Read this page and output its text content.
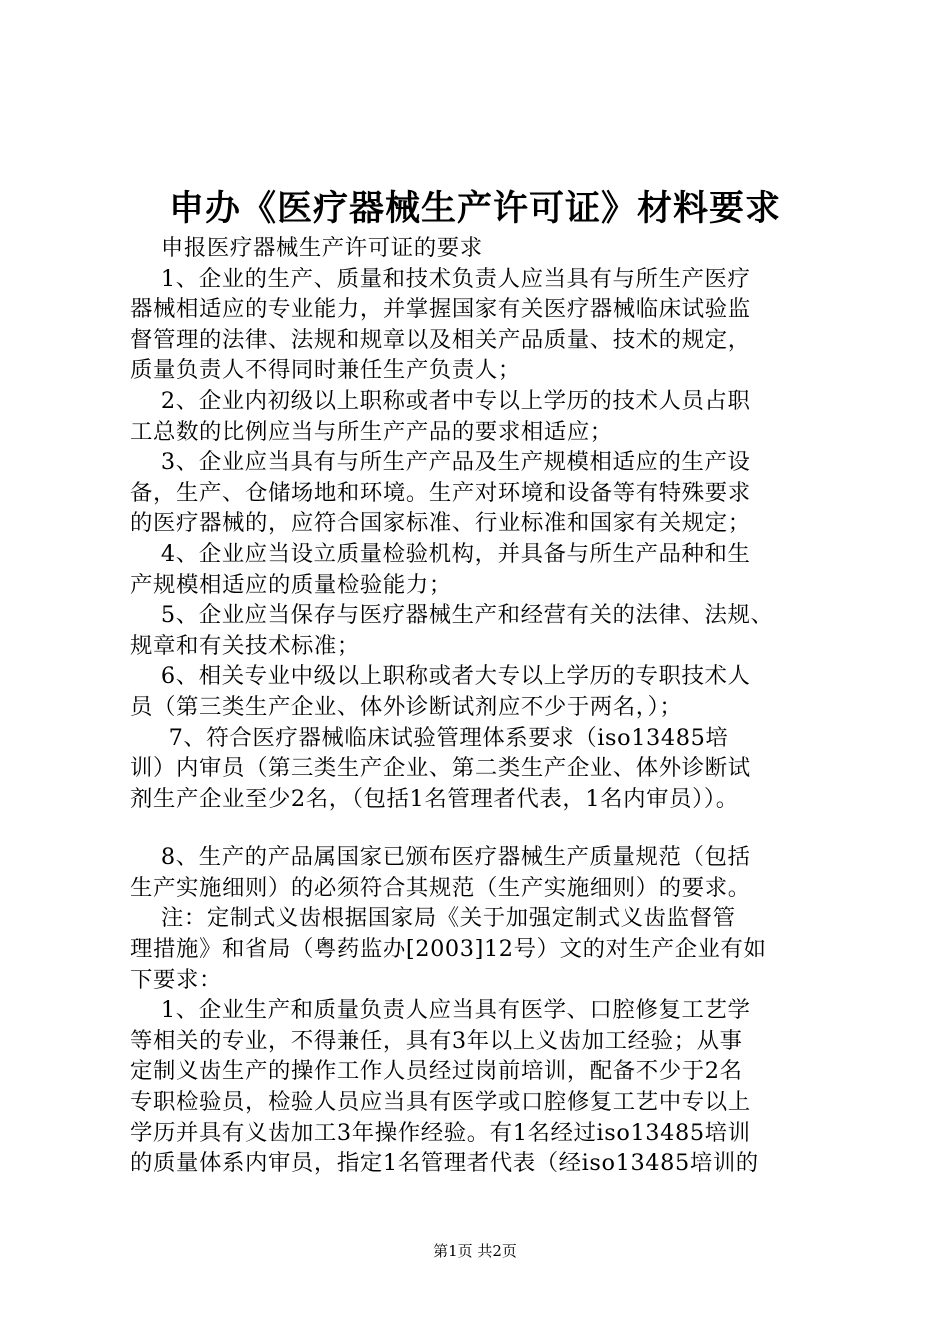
申办《医疗器械生产许可证》材料要求
申报医疗器械生产许可证的要求
1、企业的生产、质量和技术负责人应当具有与所生产医疗
器械相适应的专业能力，并掌握国家有关医疗器械临床试验监
督管理的法律、法规和规章以及相关产品质量、技术的规定，
质量负责人不得同时兼任生产负责人；
2、企业内初级以上职称或者中专以上学历的技术人员占职
工总数的比例应当与所生产产品的要求相适应；
3、企业应当具有与所生产产品及生产规模相适应的生产设
备，生产、仓储场地和环境。生产对环境和设备等有特殊要求
的医疗器械的，应符合国家标准、行业标准和国家有关规定；
4、企业应当设立质量检验机构，并具备与所生产品种和生
产规模相适应的质量检验能力；
5、企业应当保存与医疗器械生产和经营有关的法律、法规、
规章和有关技术标准；
6、相关专业中级以上职称或者大专以上学历的专职技术人
员（第三类生产企业、体外诊断试剂应不少于两名，）；
7、符合医疗器械临床试验管理体系要求（iso13485培
训）内审员（第三类生产企业、第二类生产企业、体外诊断试
剂生产企业至少2名，（包括1名管理者代表，1名内审员））。
8、生产的产品属国家已颁布医疗器械生产质量规范（包括
生产实施细则）的必须符合其规范（生产实施细则）的要求。
注：定制式义齿根据国家局《关于加强定制式义齿监督管
理措施》和省局（粤药监办[2003]12号）文的对生产企业有如
下要求：
1、企业生产和质量负责人应当具有医学、口腔修复工艺学
等相关的专业，不得兼任，具有3年以上义齿加工经验；从事
定制义齿生产的操作工作人员经过岗前培训，配备不少于2名
专职检验员，检验人员应当具有医学或口腔修复工艺中专以上
学历并具有义齿加工3年操作经验。有1名经过iso13485培训
的质量体系内审员，指定1名管理者代表（经iso13485培训的
第1页 共2页
